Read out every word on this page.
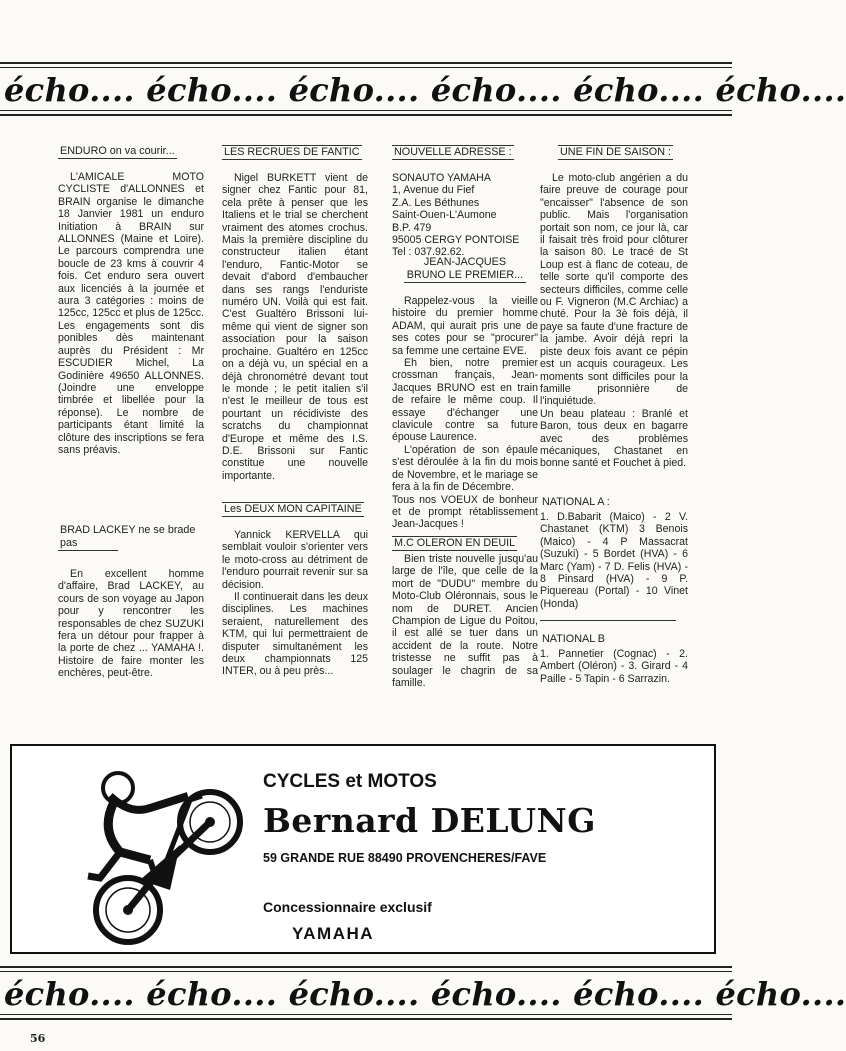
écho.... écho.... écho.... écho.... écho.... écho....
ENDURO on va courir...

L'AMICALE MOTO CYCLISTE d'ALLONNES et BRAIN organise le dimanche 18 Janvier 1981 un enduro Initiation à BRAIN sur ALLONNES (Maine et Loire). Le parcours comprendra une boucle de 23 kms à couvrir 4 fois. Cet enduro sera ouvert aux licenciés à la journée et aura 3 catégories : moins de 125cc, 125cc et plus de 125cc. Les engagements sont dis ponibles dès maintenant auprès du Président : Mr ESCUDIER Michel, La Godinière 49650 ALLONNES. (Joindre une enveloppe timbrée et libellée pour la réponse). Le nombre de participants étant limité la clôture des inscriptions se fera sans préavis.

BRAD LACKEY ne se brade pas

En excellent homme d'affaire, Brad LACKEY, au cours de son voyage au Japon pour y rencontrer les responsables de chez SUZUKI fera un détour pour frapper à la porte de chez ... YAMAHA !. Histoire de faire monter les enchères, peut-être.

LES RECRUES DE FANTIC

Nigel BURKETT vient de signer chez Fantic pour 81, cela prête à penser que les Italiens et le trial se cherchent vraiment des atomes crochus. Mais la première discipline du constructeur italien étant l'enduro, Fantic-Motor se devait d'abord d'embaucher dans ses rangs l'enduriste numéro UN. Voilà qui est fait. C'est Gualtéro Brissoni lui-même qui vient de signer son association pour la saison prochaine. Gualtéro en 125cc on a déjà vu, un spécial en a déjà chronométré devant tout le monde ; le petit italien s'il n'est le meilleur de tous est pourtant un récidiviste des scratchs du championnat d'Europe et même des I.S. D.E. Brissoni sur Fantic constitue une nouvelle importante.

Les DEUX MON CAPITAINE

Yannick KERVELLA qui semblait vouloir s'orienter vers le moto-cross au détriment de l'enduro pourrait revenir sur sa décision.

Il continuerait dans les deux disciplines. Les machines seraient, naturellement des KTM, qui lui permettraient de disputer simultanément les deux championnats 125 INTER, ou à peu près...

NOUVELLE ADRESSE :
SONAUTO YAMAHA
1, Avenue du Fief
Z.A. Les Béthunes
Saint-Ouen-L'Aumone
B.P. 479
95005 CERGY PONTOISE
Tel : 037.92.62.
JEAN-JACQUES BRUNO LE PREMIER...

Rappelez-vous la vieille histoire du premier homme ADAM, qui aurait pris une de ses cotes pour se "procurer" sa femme une certaine EVE.

Eh bien, notre premier crossman français, Jean-Jacques BRUNO est en train de refaire le même coup. Il essaye d'échanger une clavicule contre sa future épouse Laurence.

L'opération de son épaule s'est déroulée à la fin du mois de Novembre, et le mariage se fera à la fin de Décembre.

Tous nos VOEUX de bonheur et de prompt rétablissement Jean-Jacques !

M.C OLERON EN DEUIL

Bien triste nouvelle jusqu'au large de l'île, que celle de la mort de "DUDU" membre du Moto-Club Oléronnais, sous le nom de DURET. Ancien Champion de Ligue du Poitou, il est allé se tuer dans un accident de la route. Notre tristesse ne suffit pas à soulager le chagrin de sa famille.

UNE FIN DE SAISON :

Le moto-club angérien a du faire preuve de courage pour "encaisser" l'absence de son public. Mais l'organisation portait son nom, ce jour là, car il faisait très froid pour clôturer la saison 80. Le tracé de St Loup est à flanc de coteau, de telle sorte qu'il comporte des secteurs difficiles, comme celle ou F. Vigneron (M.C Archiac) a chuté. Pour la 3è fois déjà, il paye sa faute d'une fracture de la jambe. Avoir déjà repri la piste deux fois avant ce pépin est un acquis courageux. Les moments sont difficiles pour la famille prisonnière de l'inquiétude.

Un beau plateau : Branlé et Baron, tous deux en bagarre avec des problèmes mécaniques, Chastanet en bonne santé et Fouchet à pied.

NATIONAL A :

1. D.Babarit (Maico) - 2 V. Chastanet (KTM) 3 Benois (Maico) - 4 P Massacrat (Suzuki) - 5 Bordet (HVA) - 6 Marc (Yam) - 7 D. Felis (HVA) - 8 Pinsard (HVA) - 9 P. Piquereau (Portal) - 10 Vinet (Honda)

NATIONAL B

1. Pannetier (Cognac) - 2. Ambert (Oléron) - 3. Girard - 4 Paille - 5 Tapin - 6 Sarrazin.

CYCLES et MOTOS
Bernard DELUNG
59 GRANDE RUE 88490 PROVENCHERES/FAVE
Concessionnaire exclusif
YAMAHA
écho.... écho.... écho.... écho.... écho.... écho....
56
